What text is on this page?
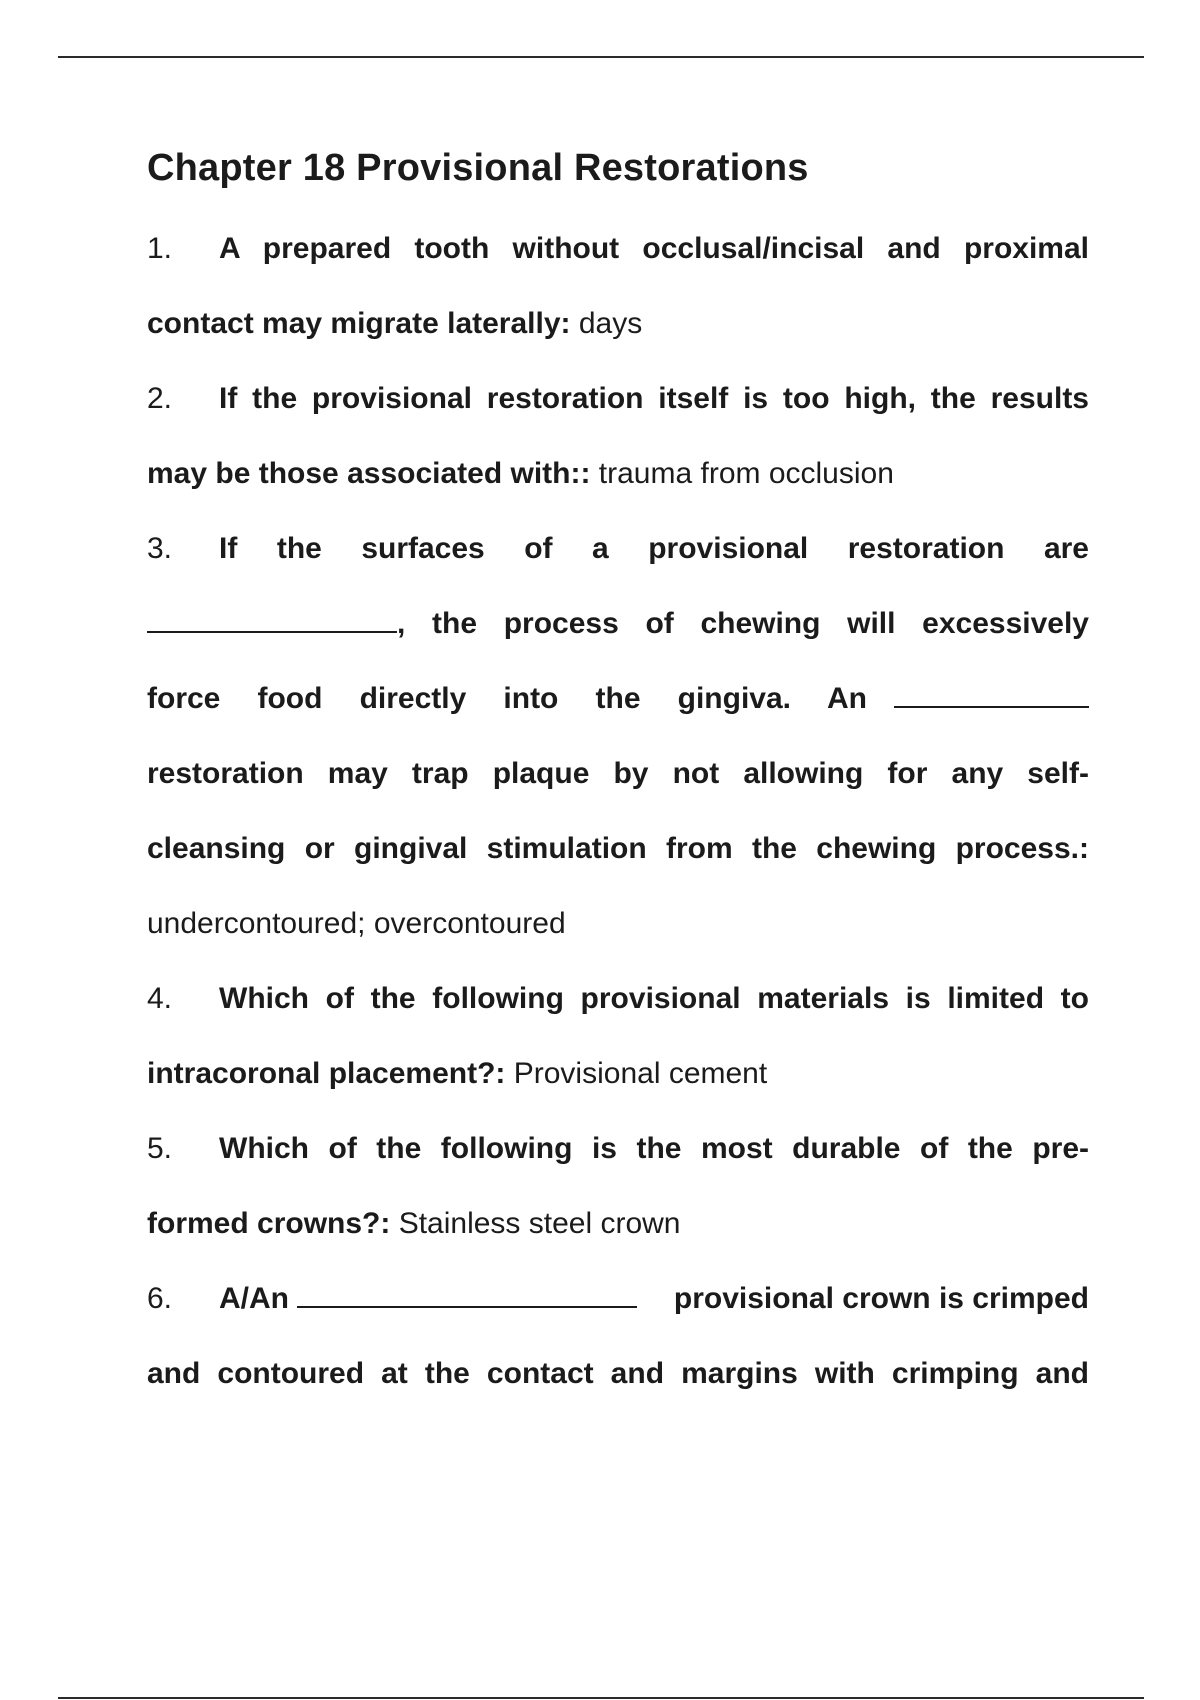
Chapter 18 Provisional Restorations
1.	A prepared tooth without occlusal/incisal and proximal
contact may migrate laterally:
days
2.	If the provisional restoration itself is too high, the results
may be those associated with::
trauma from occlusion
3.	If the surfaces of a provisional restoration are
, the process of chewing will excessively
force food directly into the gingiva. An
restoration may trap plaque by not allowing for any self-
cleansing or gingival stimulation from the chewing process.:
undercontoured; overcontoured
4.	Which of the following provisional materials is limited to
intracoronal placement?:
Provisional cement
5.	Which of the following is the most durable of the pre-
formed crowns?:
Stainless steel crown
6.	A/An	provisional crown is crimped
and contoured at the contact and margins with crimping and
